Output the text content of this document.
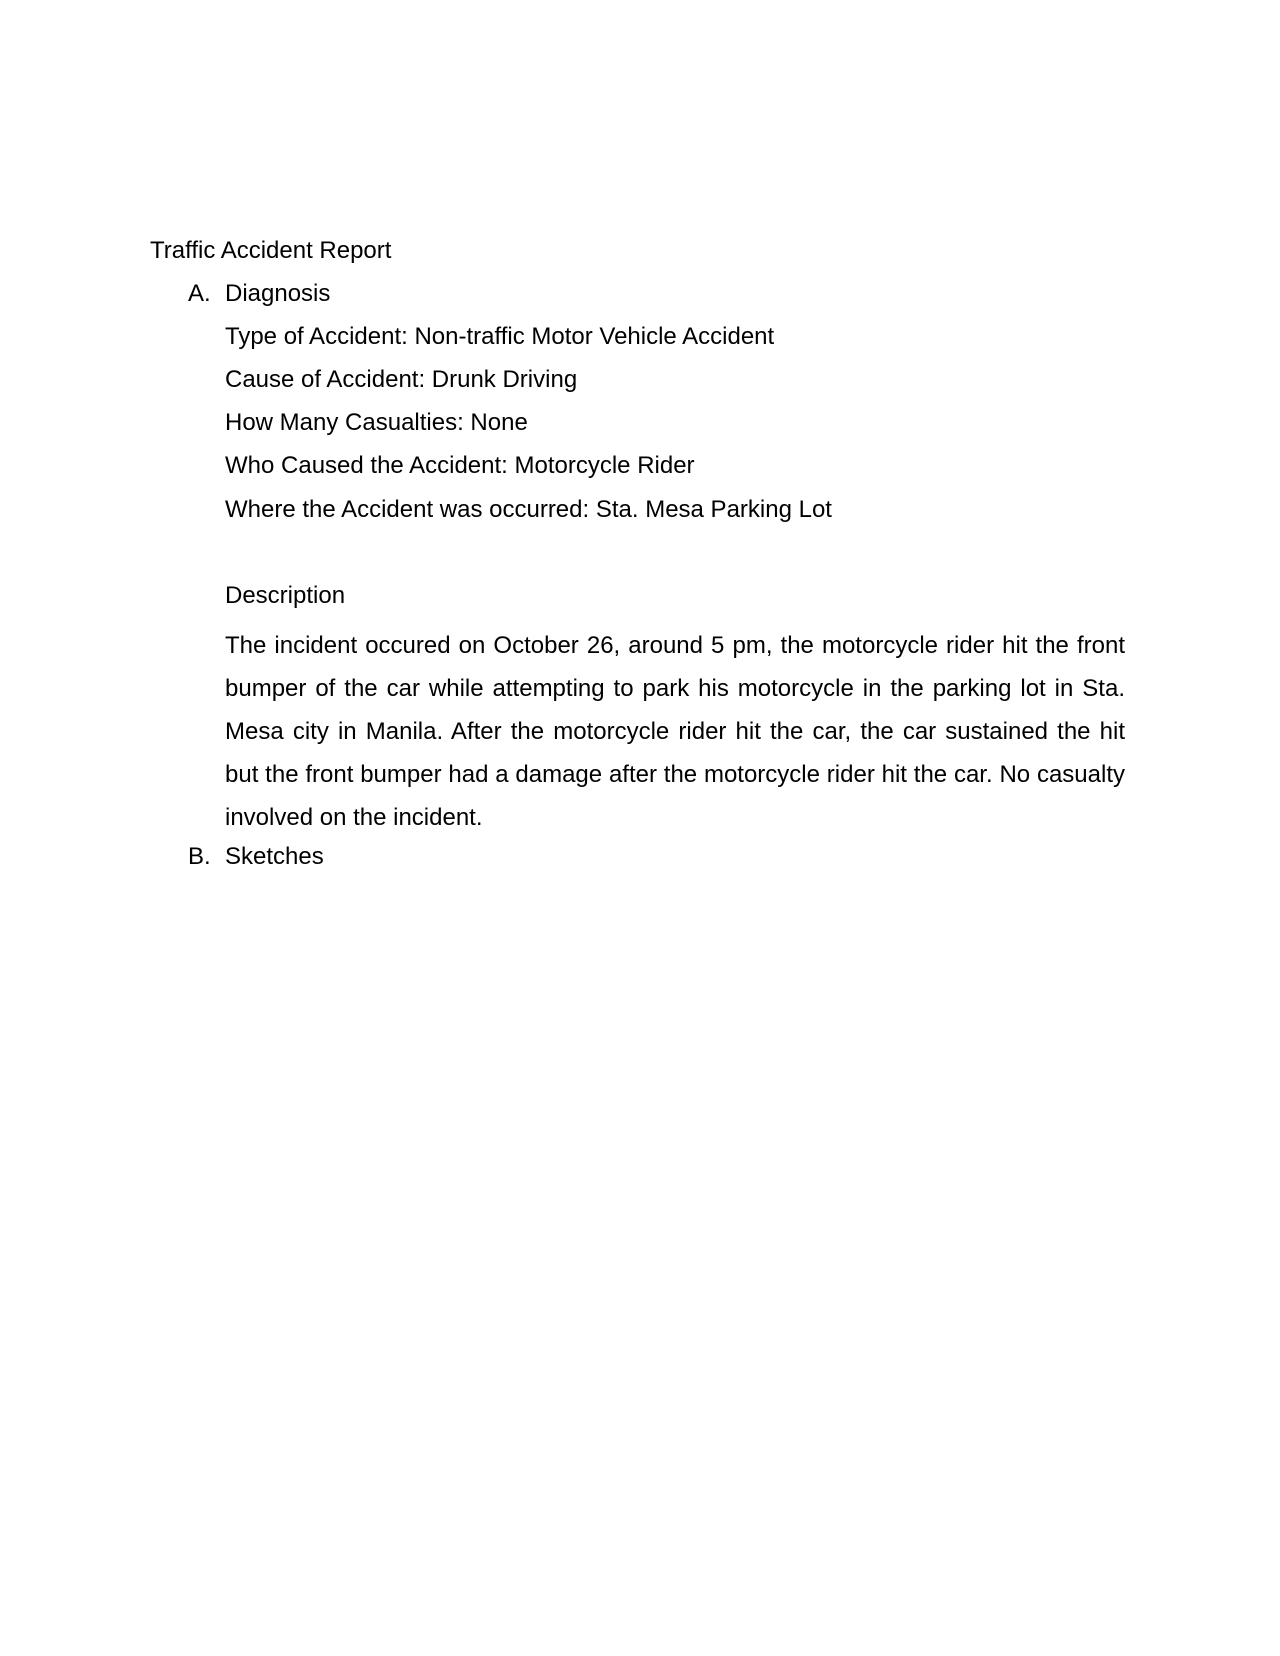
Traffic Accident Report
A. Diagnosis
Type of Accident: Non-traffic Motor Vehicle Accident
Cause of Accident: Drunk Driving
How Many Casualties: None
Who Caused the Accident: Motorcycle Rider
Where the Accident was occurred: Sta. Mesa Parking Lot
Description
The incident occured on October 26, around 5 pm, the motorcycle rider hit the front bumper of the car while attempting to park his motorcycle in the parking lot in Sta. Mesa city in Manila. After the motorcycle rider hit the car, the car sustained the hit but the front bumper had a damage after the motorcycle rider hit the car. No casualty involved on the incident.
B. Sketches
